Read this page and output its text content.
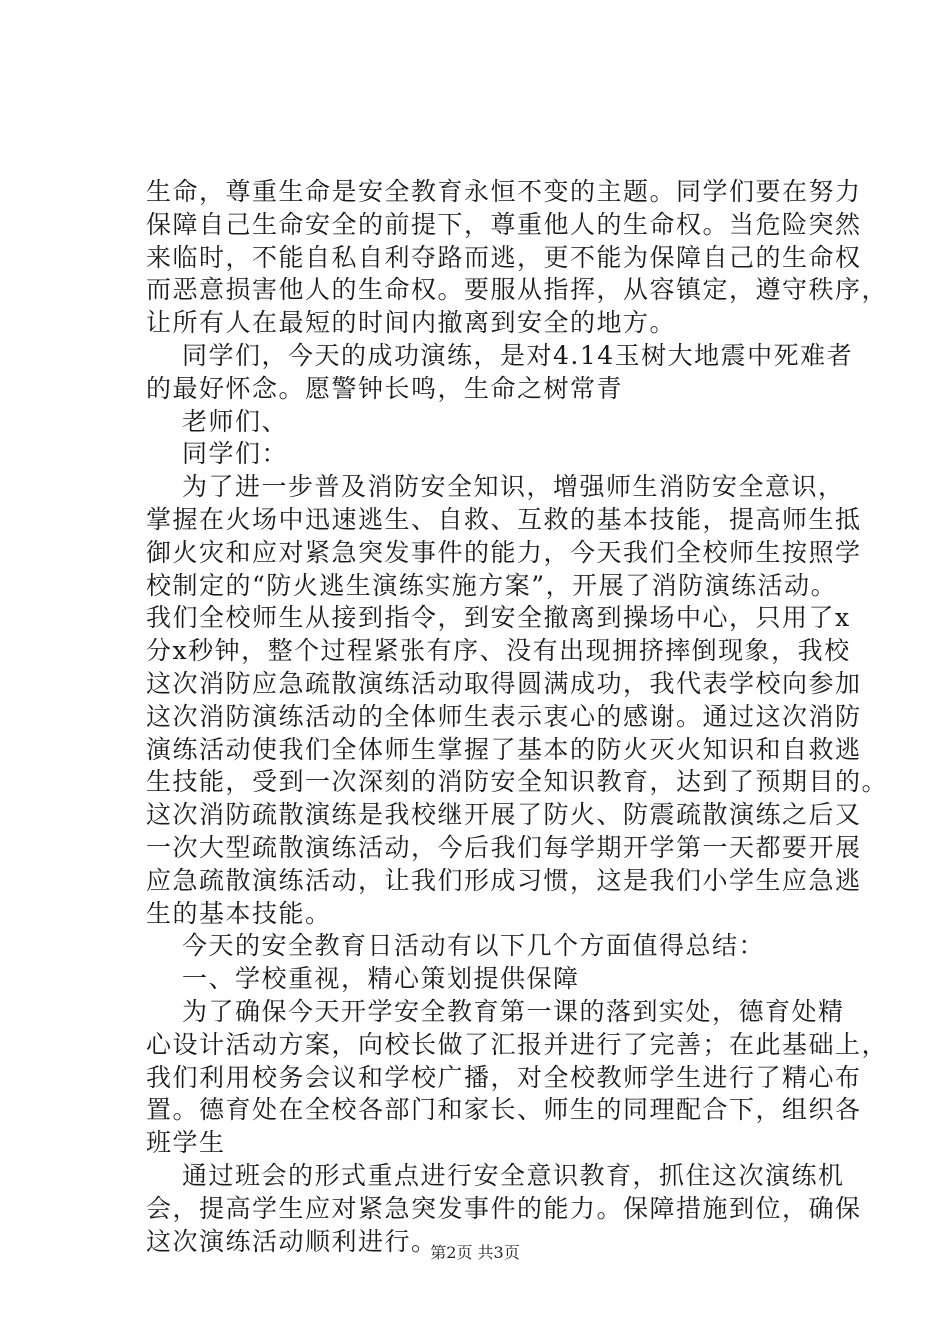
生命，尊重生命是安全教育永恒不变的主题。同学们要在努力
保障自己生命安全的前提下，尊重他人的生命权。当危险突然
来临时，不能自私自利夺路而逃，更不能为保障自己的生命权
而恶意损害他人的生命权。要服从指挥，从容镇定，遵守秩序，
让所有人在最短的时间内撤离到安全的地方。
同学们，今天的成功演练，是对4.14玉树大地震中死难者
的最好怀念。愿警钟长鸣，生命之树常青
老师们、
同学们：
为了进一步普及消防安全知识，增强师生消防安全意识，
掌握在火场中迅速逃生、自救、互救的基本技能，提高师生抵
御火灾和应对紧急突发事件的能力，今天我们全校师生按照学
校制定的“防火逃生演练实施方案”，开展了消防演练活动。
我们全校师生从接到指令，到安全撤离到操场中心，只用了x
分x秒钟，整个过程紧张有序、没有出现拥挤摔倒现象，我校
这次消防应急疏散演练活动取得圆满成功，我代表学校向参加
这次消防演练活动的全体师生表示衷心的感谢。通过这次消防
演练活动使我们全体师生掌握了基本的防火灭火知识和自救逃
生技能，受到一次深刻的消防安全知识教育，达到了预期目的。
这次消防疏散演练是我校继开展了防火、防震疏散演练之后又
一次大型疏散演练活动，今后我们每学期开学第一天都要开展
应急疏散演练活动，让我们形成习惯，这是我们小学生应急逃
生的基本技能。
今天的安全教育日活动有以下几个方面值得总结：
一、学校重视，精心策划提供保障
为了确保今天开学安全教育第一课的落到实处，德育处精
心设计活动方案，向校长做了汇报并进行了完善；在此基础上，
我们利用校务会议和学校广播，对全校教师学生进行了精心布
置。德育处在全校各部门和家长、师生的同理配合下，组织各
班学生
通过班会的形式重点进行安全意识教育，抓住这次演练机
会，提高学生应对紧急突发事件的能力。保障措施到位，确保
这次演练活动顺利进行。
第2页 共3页
